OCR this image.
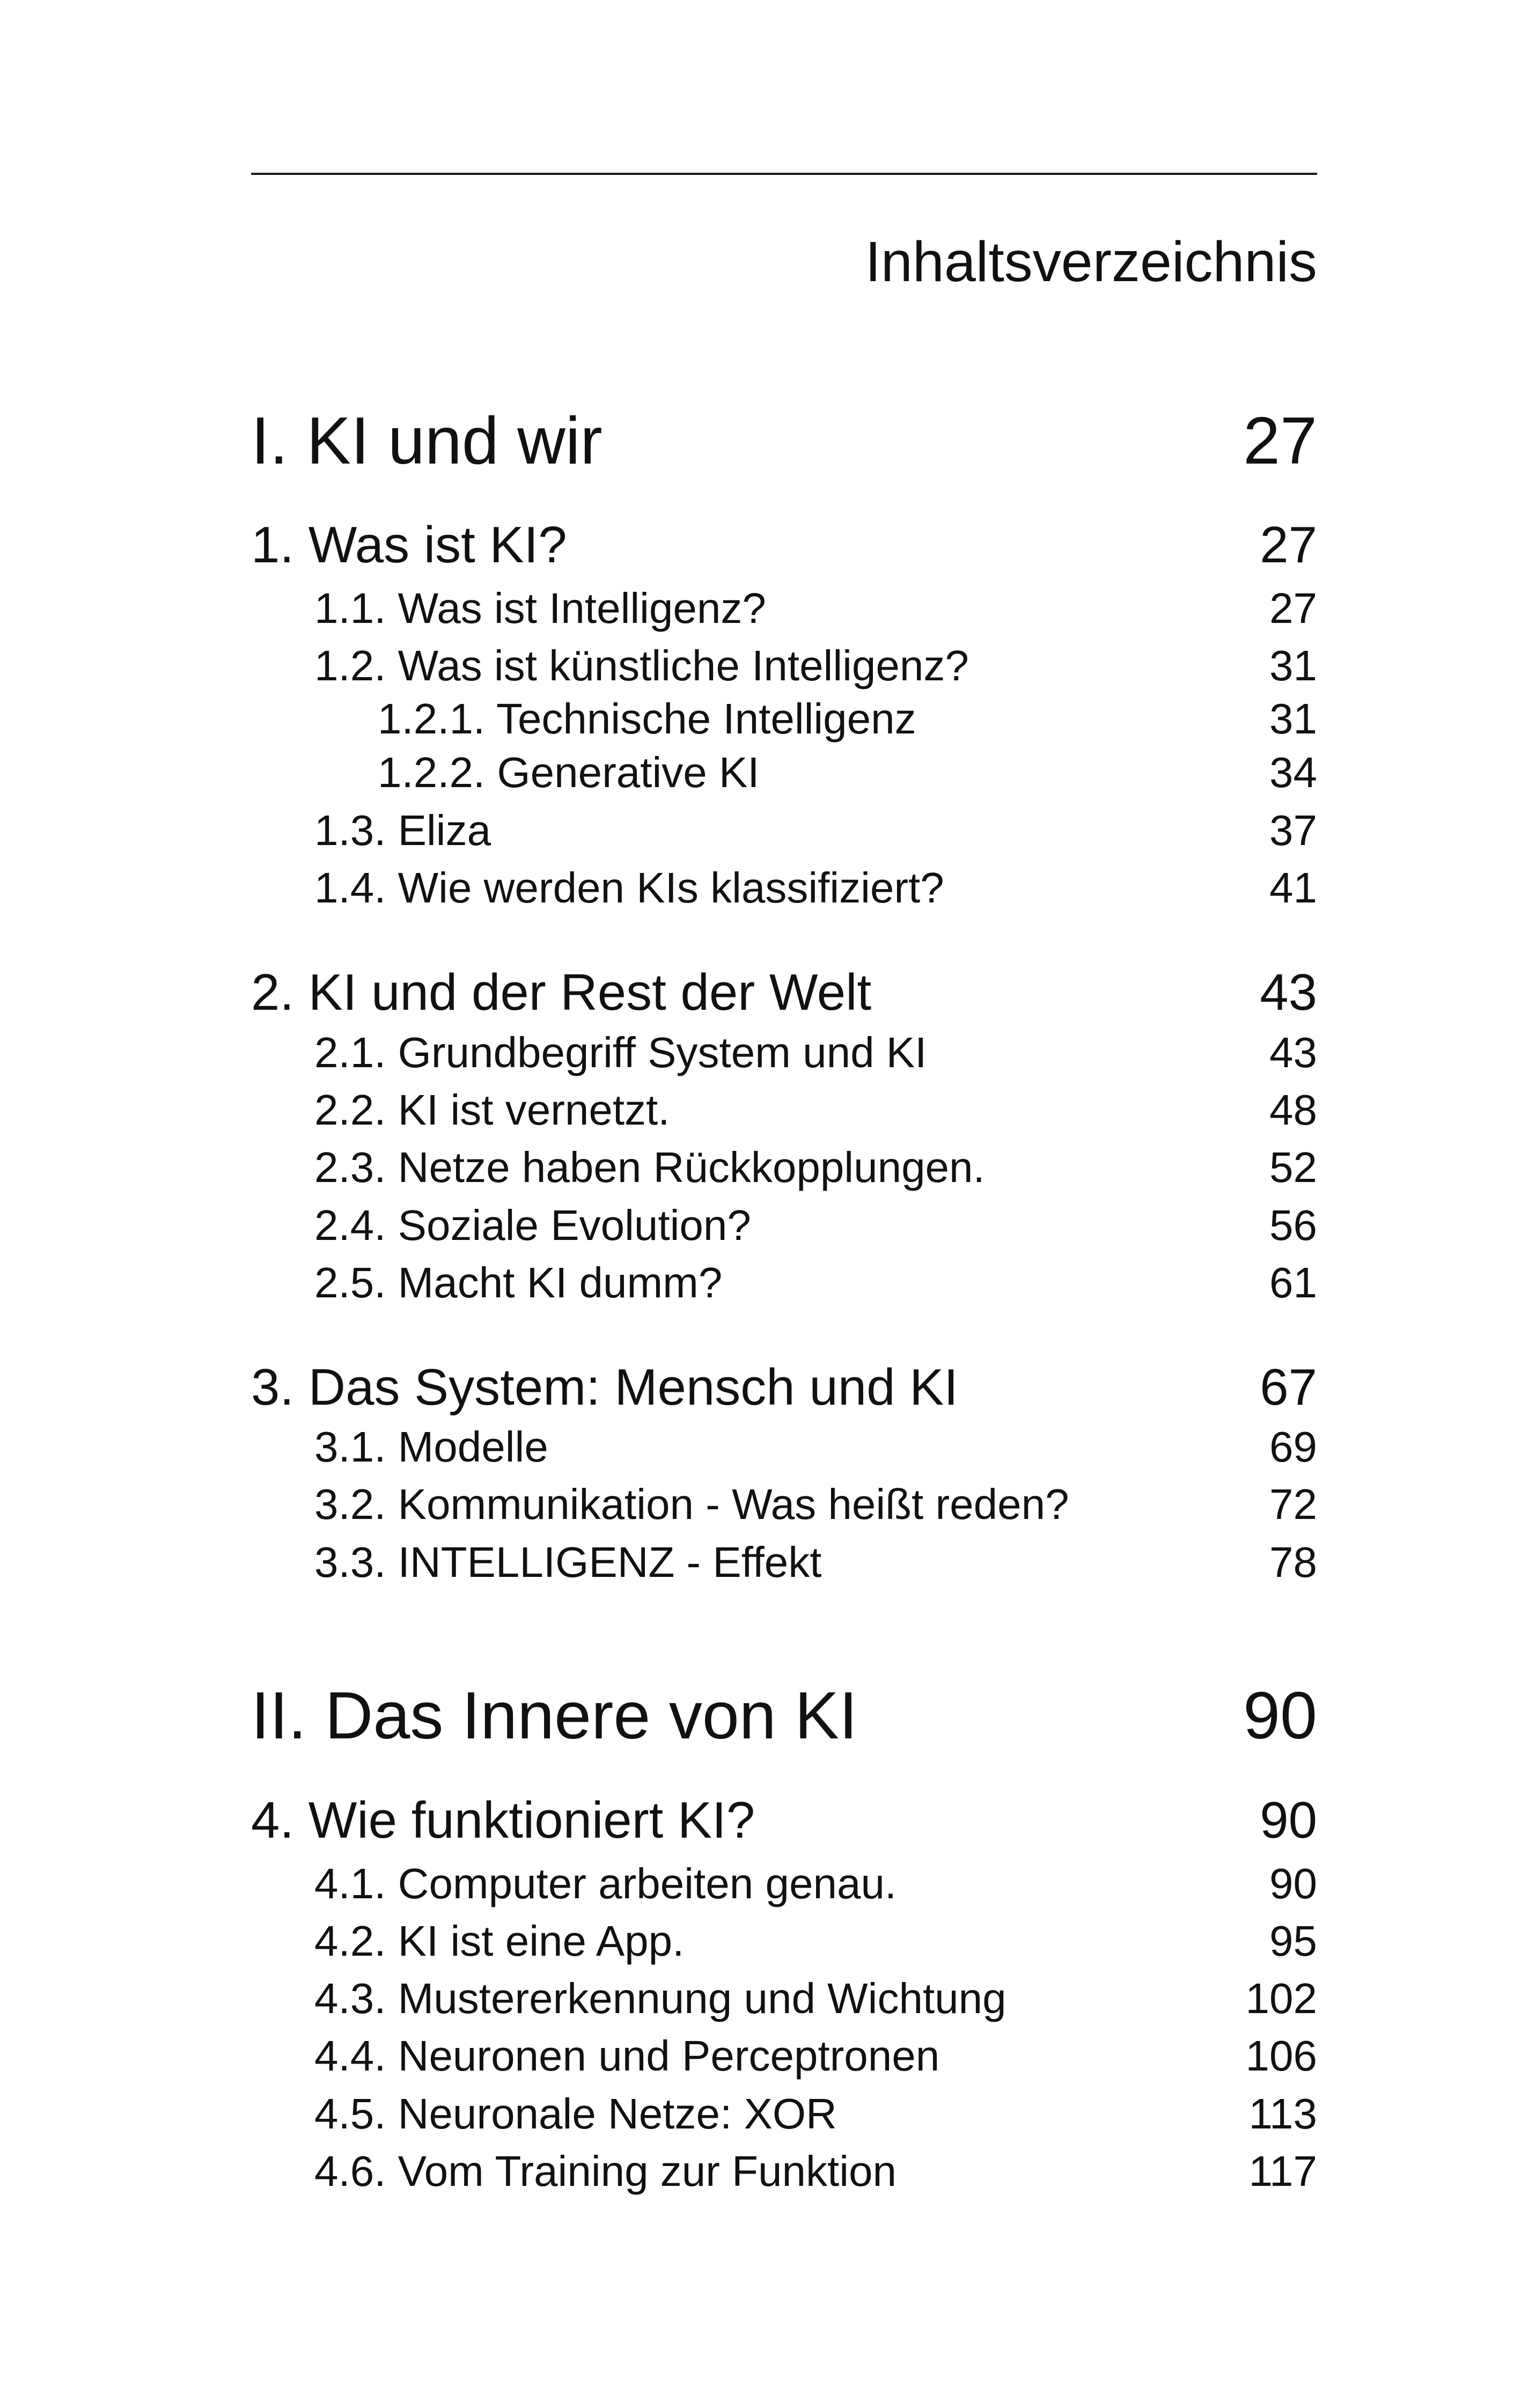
Inhaltsverzeichnis
I. KI und wir	27
1. Was ist KI?	27
1.1. Was ist Intelligenz?	27
1.2. Was ist künstliche Intelligenz?	31
1.2.1. Technische Intelligenz	31
1.2.2. Generative KI	34
1.3. Eliza	37
1.4. Wie werden KIs klassifiziert?	41
2. KI und der Rest der Welt	43
2.1. Grundbegriff System und KI	43
2.2. KI ist vernetzt.	48
2.3. Netze haben Rückkopplungen.	52
2.4. Soziale Evolution?	56
2.5. Macht KI dumm?	61
3. Das System: Mensch und KI	67
3.1. Modelle	69
3.2. Kommunikation - Was heißt reden?	72
3.3. INTELLIGENZ - Effekt	78
II. Das Innere von KI	90
4. Wie funktioniert KI?	90
4.1. Computer arbeiten genau.	90
4.2. KI ist eine App.	95
4.3. Mustererkennung und Wichtung	102
4.4. Neuronen und Perceptronen	106
4.5. Neuronale Netze: XOR	113
4.6. Vom Training zur Funktion	117
